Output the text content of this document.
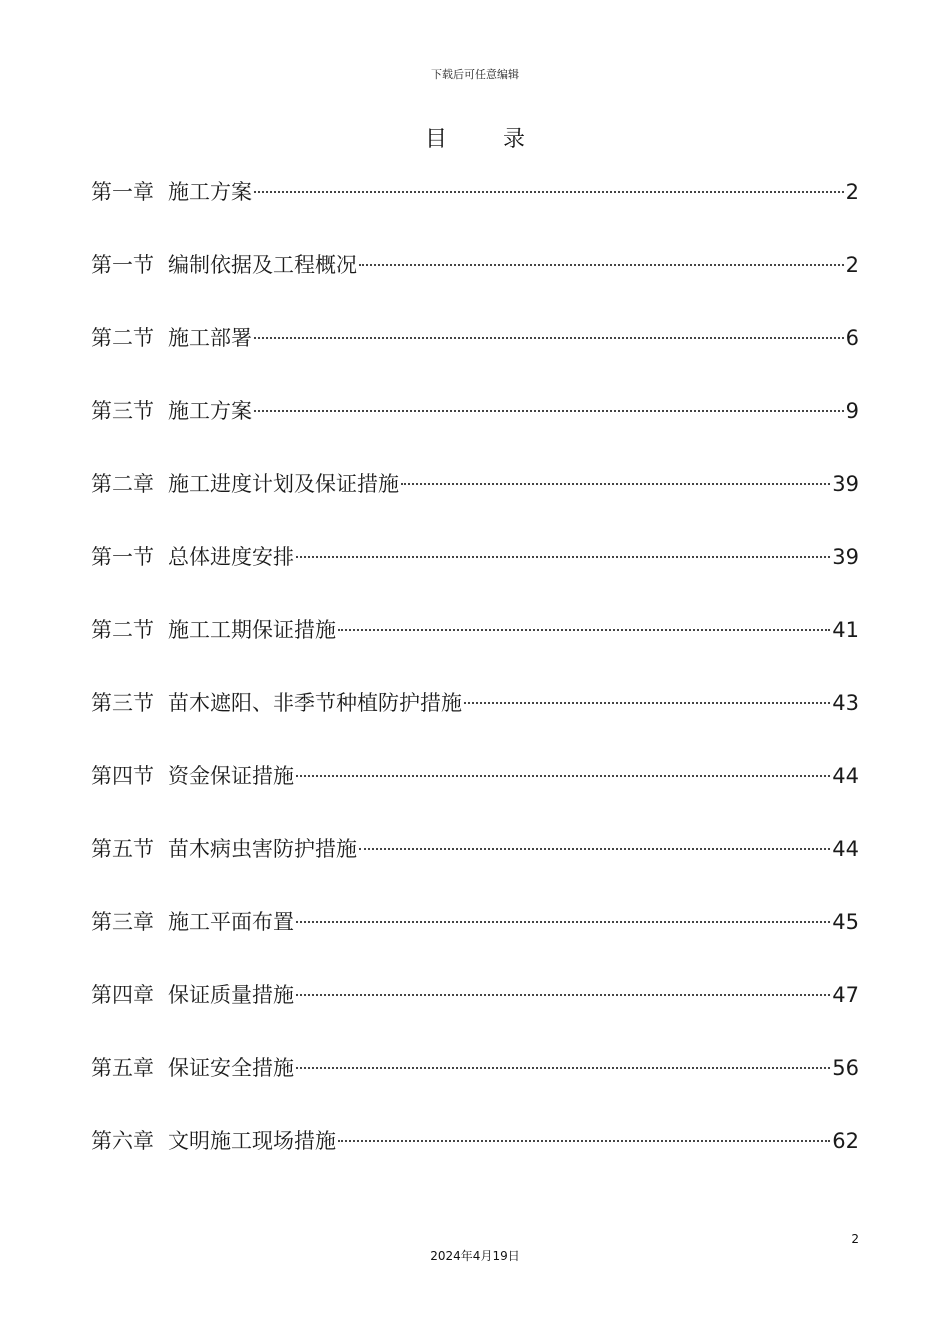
下载后可任意编辑
目录
第一章 施工方案	2
第一节 编制依据及工程概况	2
第二节 施工部署	6
第三节 施工方案	9
第二章 施工进度计划及保证措施	39
第一节 总体进度安排	39
第二节 施工工期保证措施	41
第三节 苗木遮阳、非季节种植防护措施	43
第四节 资金保证措施	44
第五节 苗木病虫害防护措施	44
第三章 施工平面布置	45
第四章 保证质量措施	47
第五章 保证安全措施	56
第六章 文明施工现场措施	62
2
2024年4月19日
